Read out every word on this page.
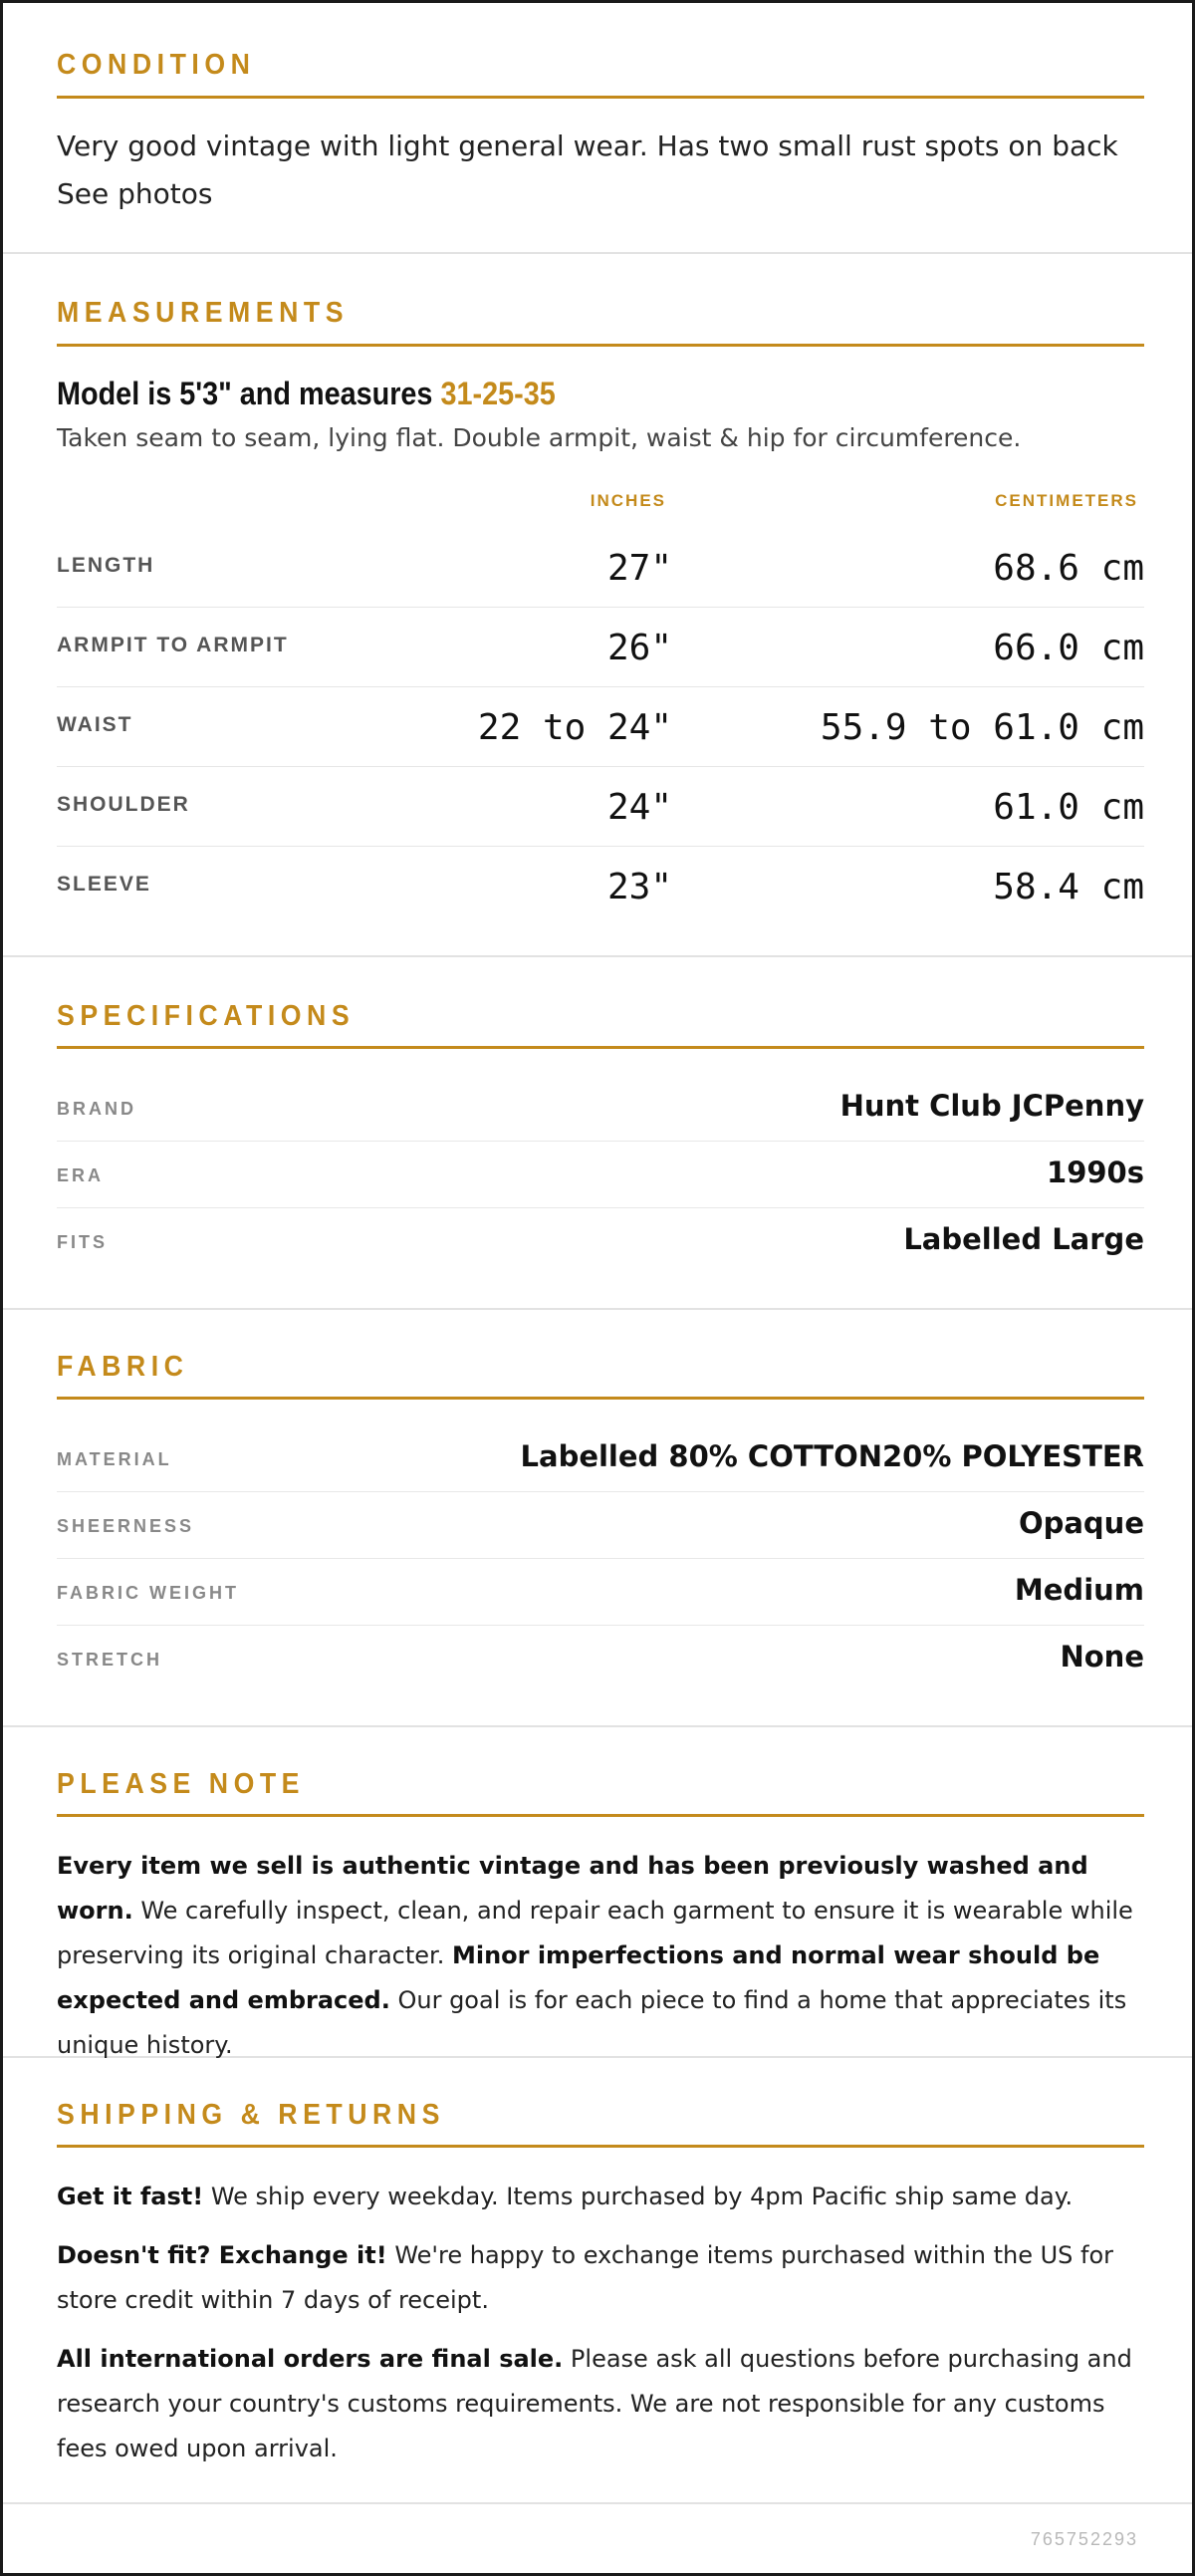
CONDITION
Very good vintage with light general wear. Has two small rust spots on back See photos
MEASUREMENTS
Model is 5'3" and measures 31-25-35
Taken seam to seam, lying flat. Double armpit, waist & hip for circumference.
INCHES	CENTIMETERS
LENGTH	27"	68.6 cm
ARMPIT TO ARMPIT	26"	66.0 cm
WAIST	22 to 24"	55.9 to 61.0 cm
SHOULDER	24"	61.0 cm
SLEEVE	23"	58.4 cm
SPECIFICATIONS
BRAND	Hunt Club JCPenny
ERA	1990s
FITS	Labelled Large
FABRIC
MATERIAL	Labelled 80% COTTON20% POLYESTER
SHEERNESS	Opaque
FABRIC WEIGHT	Medium
STRETCH	None
PLEASE NOTE
Every item we sell is authentic vintage and has been previously washed and worn. We carefully inspect, clean, and repair each garment to ensure it is wearable while preserving its original character. Minor imperfections and normal wear should be expected and embraced. Our goal is for each piece to find a home that appreciates its unique history.
SHIPPING & RETURNS
Get it fast! We ship every weekday. Items purchased by 4pm Pacific ship same day.
Doesn't fit? Exchange it! We're happy to exchange items purchased within the US for store credit within 7 days of receipt.
All international orders are final sale. Please ask all questions before purchasing and research your country's customs requirements. We are not responsible for any customs fees owed upon arrival.
765752293
